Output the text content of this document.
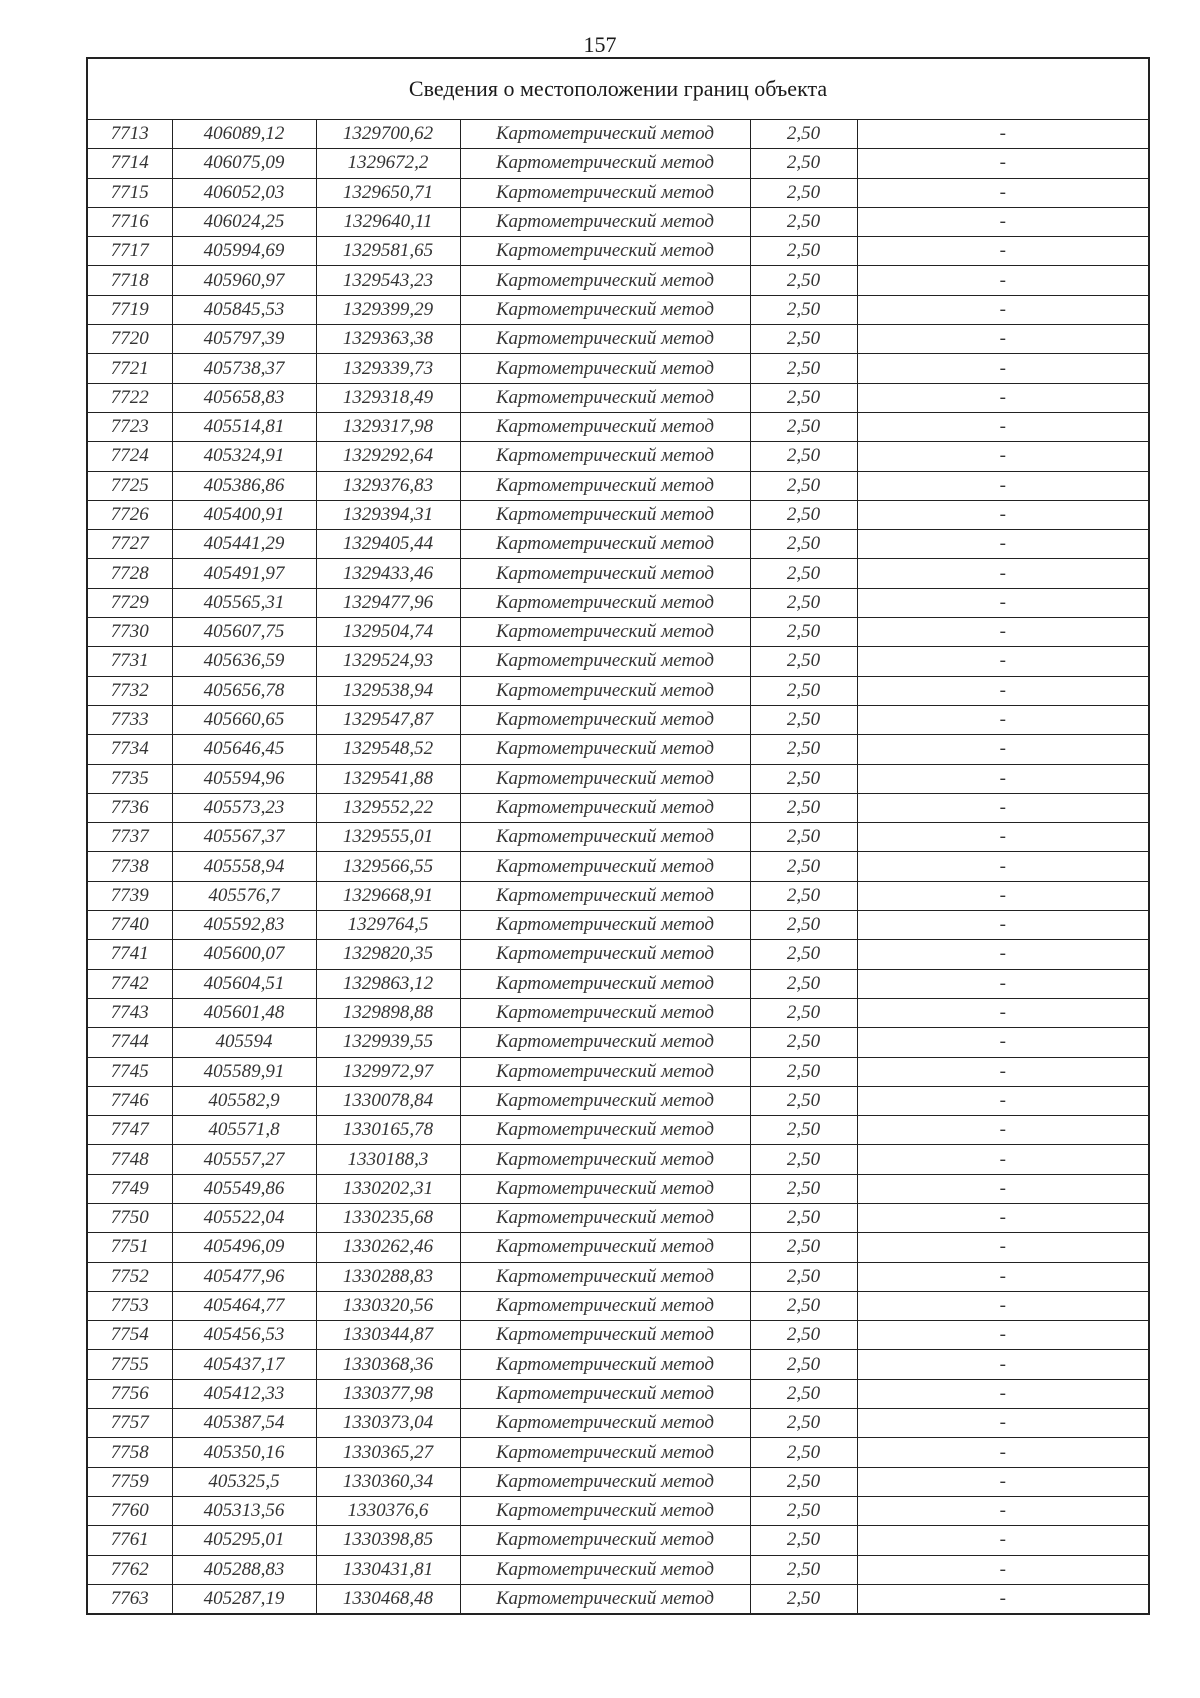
157
Сведения о местоположении границ объекта					
7713	406089,12	1329700,62	Картометрический метод	2,50	-
7714	406075,09	1329672,2	Картометрический метод	2,50	-
7715	406052,03	1329650,71	Картометрический метод	2,50	-
7716	406024,25	1329640,11	Картометрический метод	2,50	-
7717	405994,69	1329581,65	Картометрический метод	2,50	-
7718	405960,97	1329543,23	Картометрический метод	2,50	-
7719	405845,53	1329399,29	Картометрический метод	2,50	-
7720	405797,39	1329363,38	Картометрический метод	2,50	-
7721	405738,37	1329339,73	Картометрический метод	2,50	-
7722	405658,83	1329318,49	Картометрический метод	2,50	-
7723	405514,81	1329317,98	Картометрический метод	2,50	-
7724	405324,91	1329292,64	Картометрический метод	2,50	-
7725	405386,86	1329376,83	Картометрический метод	2,50	-
7726	405400,91	1329394,31	Картометрический метод	2,50	-
7727	405441,29	1329405,44	Картометрический метод	2,50	-
7728	405491,97	1329433,46	Картометрический метод	2,50	-
7729	405565,31	1329477,96	Картометрический метод	2,50	-
7730	405607,75	1329504,74	Картометрический метод	2,50	-
7731	405636,59	1329524,93	Картометрический метод	2,50	-
7732	405656,78	1329538,94	Картометрический метод	2,50	-
7733	405660,65	1329547,87	Картометрический метод	2,50	-
7734	405646,45	1329548,52	Картометрический метод	2,50	-
7735	405594,96	1329541,88	Картометрический метод	2,50	-
7736	405573,23	1329552,22	Картометрический метод	2,50	-
7737	405567,37	1329555,01	Картометрический метод	2,50	-
7738	405558,94	1329566,55	Картометрический метод	2,50	-
7739	405576,7	1329668,91	Картометрический метод	2,50	-
7740	405592,83	1329764,5	Картометрический метод	2,50	-
7741	405600,07	1329820,35	Картометрический метод	2,50	-
7742	405604,51	1329863,12	Картометрический метод	2,50	-
7743	405601,48	1329898,88	Картометрический метод	2,50	-
7744	405594	1329939,55	Картометрический метод	2,50	-
7745	405589,91	1329972,97	Картометрический метод	2,50	-
7746	405582,9	1330078,84	Картометрический метод	2,50	-
7747	405571,8	1330165,78	Картометрический метод	2,50	-
7748	405557,27	1330188,3	Картометрический метод	2,50	-
7749	405549,86	1330202,31	Картометрический метод	2,50	-
7750	405522,04	1330235,68	Картометрический метод	2,50	-
7751	405496,09	1330262,46	Картометрический метод	2,50	-
7752	405477,96	1330288,83	Картометрический метод	2,50	-
7753	405464,77	1330320,56	Картометрический метод	2,50	-
7754	405456,53	1330344,87	Картометрический метод	2,50	-
7755	405437,17	1330368,36	Картометрический метод	2,50	-
7756	405412,33	1330377,98	Картометрический метод	2,50	-
7757	405387,54	1330373,04	Картометрический метод	2,50	-
7758	405350,16	1330365,27	Картометрический метод	2,50	-
7759	405325,5	1330360,34	Картометрический метод	2,50	-
7760	405313,56	1330376,6	Картометрический метод	2,50	-
7761	405295,01	1330398,85	Картометрический метод	2,50	-
7762	405288,83	1330431,81	Картометрический метод	2,50	-
7763	405287,19	1330468,48	Картометрический метод	2,50	-
